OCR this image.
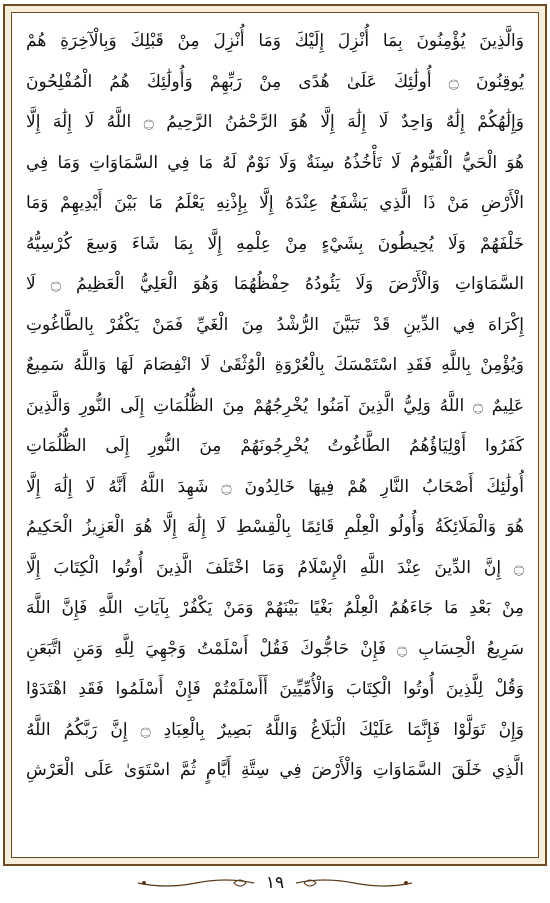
وَالَّذِينَ يُؤْمِنُونَ بِمَا أُنْزِلَ إِلَيْكَ وَمَا أُنْزِلَ مِنْ قَبْلِكَ وَبِالْآخِرَةِ هُمْ
يُوقِنُونَ ۝ أُولَٰئِكَ عَلَىٰ هُدًى مِنْ رَبِّهِمْ وَأُولَٰئِكَ هُمُ الْمُفْلِحُونَ
وَإِلَٰهُكُمْ إِلَٰهٌ وَاحِدٌ لَا إِلَٰهَ إِلَّا هُوَ الرَّحْمَٰنُ الرَّحِيمُ ۝ اللَّهُ لَا إِلَٰهَ إِلَّا
هُوَ الْحَيُّ الْقَيُّومُ لَا تَأْخُذُهُ سِنَةٌ وَلَا نَوْمٌ لَهُ مَا فِي السَّمَاوَاتِ وَمَا فِي
الْأَرْضِ مَنْ ذَا الَّذِي يَشْفَعُ عِنْدَهُ إِلَّا بِإِذْنِهِ يَعْلَمُ مَا بَيْنَ أَيْدِيهِمْ وَمَا
خَلْفَهُمْ وَلَا يُحِيطُونَ بِشَيْءٍ مِنْ عِلْمِهِ إِلَّا بِمَا شَاءَ وَسِعَ كُرْسِيُّهُ
السَّمَاوَاتِ وَالْأَرْضَ وَلَا يَئُودُهُ حِفْظُهُمَا وَهُوَ الْعَلِيُّ الْعَظِيمُ ۝ لَا
إِكْرَاهَ فِي الدِّينِ قَدْ تَبَيَّنَ الرُّشْدُ مِنَ الْغَيِّ فَمَنْ يَكْفُرْ بِالطَّاغُوتِ
وَيُؤْمِنْ بِاللَّهِ فَقَدِ اسْتَمْسَكَ بِالْعُرْوَةِ الْوُثْقَىٰ لَا انْفِصَامَ لَهَا وَاللَّهُ سَمِيعٌ
عَلِيمٌ ۝ اللَّهُ وَلِيُّ الَّذِينَ آمَنُوا يُخْرِجُهُمْ مِنَ الظُّلُمَاتِ إِلَى النُّورِ وَالَّذِينَ
كَفَرُوا أَوْلِيَاؤُهُمُ الطَّاغُوتُ يُخْرِجُونَهُمْ مِنَ النُّورِ إِلَى الظُّلُمَاتِ
أُولَٰئِكَ أَصْحَابُ النَّارِ هُمْ فِيهَا خَالِدُونَ ۝ شَهِدَ اللَّهُ أَنَّهُ لَا إِلَٰهَ إِلَّا
هُوَ وَالْمَلَائِكَةُ وَأُولُو الْعِلْمِ قَائِمًا بِالْقِسْطِ لَا إِلَٰهَ إِلَّا هُوَ الْعَزِيزُ الْحَكِيمُ
۝ إِنَّ الدِّينَ عِنْدَ اللَّهِ الْإِسْلَامُ وَمَا اخْتَلَفَ الَّذِينَ أُوتُوا الْكِتَابَ إِلَّا
مِنْ بَعْدِ مَا جَاءَهُمُ الْعِلْمُ بَغْيًا بَيْنَهُمْ وَمَنْ يَكْفُرْ بِآيَاتِ اللَّهِ فَإِنَّ اللَّهَ
سَرِيعُ الْحِسَابِ ۝ فَإِنْ حَاجُّوكَ فَقُلْ أَسْلَمْتُ وَجْهِيَ لِلَّهِ وَمَنِ اتَّبَعَنِ
وَقُلْ لِلَّذِينَ أُوتُوا الْكِتَابَ وَالْأُمِّيِّينَ أَأَسْلَمْتُمْ فَإِنْ أَسْلَمُوا فَقَدِ اهْتَدَوْا
وَإِنْ تَوَلَّوْا فَإِنَّمَا عَلَيْكَ الْبَلَاغُ وَاللَّهُ بَصِيرٌ بِالْعِبَادِ ۝ إِنَّ رَبَّكُمُ اللَّهُ
الَّذِي خَلَقَ السَّمَاوَاتِ وَالْأَرْضَ فِي سِتَّةِ أَيَّامٍ ثُمَّ اسْتَوَىٰ عَلَى الْعَرْشِ
١٩
